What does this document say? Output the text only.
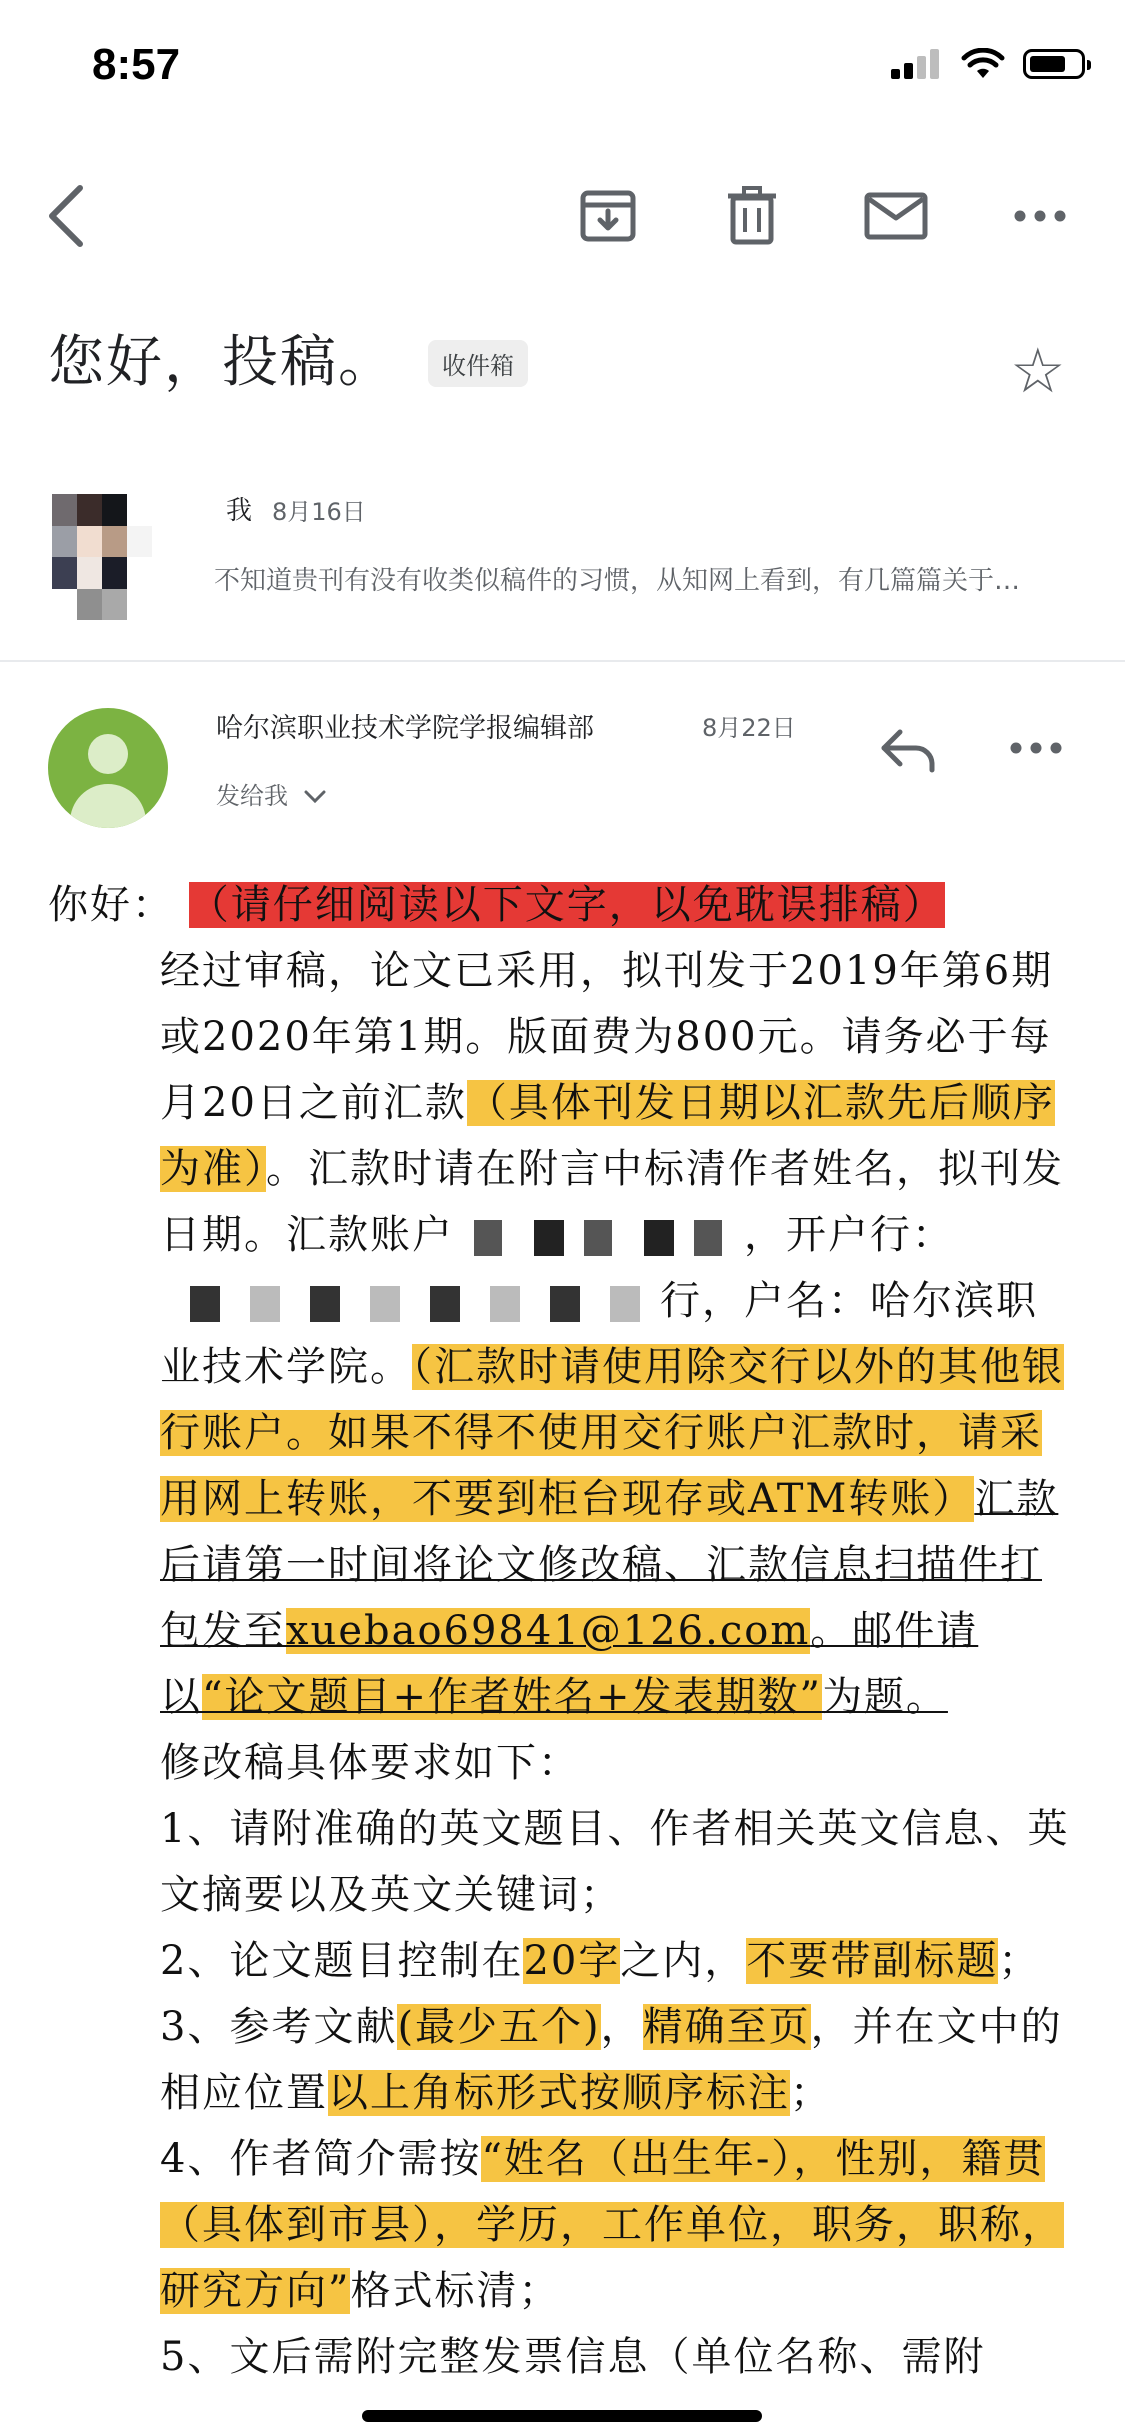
8:57
您好，投稿。	收件箱	☆
我 8月16日
不知道贵刊有没有收类似稿件的习惯，从知网上看到，有几篇篇关于…
哈尔滨职业技术学院学报编辑部	8月22日
发给我

你好： （请仔细阅读以下文字，以免耽误排稿）

经过审稿，论文已采用，拟刊发于2019年第6期或2020年第1期。版面费为800元。请务必于每月20日之前汇款（具体刊发日期以汇款先后顺序为准）。汇款时请在附言中标清作者姓名，拟刊发日期。汇款账户	，开户行：行，户名：哈尔滨职业技术学院。（汇款时请使用除交行以外的其他银行账户。如果不得不使用交行账户汇款时，请采用网上转账，不要到柜台现存或ATM转账）汇款后请第一时间将论文修改稿、汇款信息扫描件打包发至xuebao69841@126.com。邮件请以“论文题目+作者姓名+发表期数”为题。

修改稿具体要求如下：

1、请附准确的英文题目、作者相关英文信息、英文摘要以及英文关键词；

2、论文题目控制在20字之内，不要带副标题；

3、参考文献(最少五个)，精确至页，并在文中的相应位置以上角标形式按顺序标注；

4、作者简介需按“姓名（出生年-），性别，籍贯（具体到市县），学历，工作单位，职务，职称，研究方向”格式标清；

5、文后需附完整发票信息（单位名称、需附
